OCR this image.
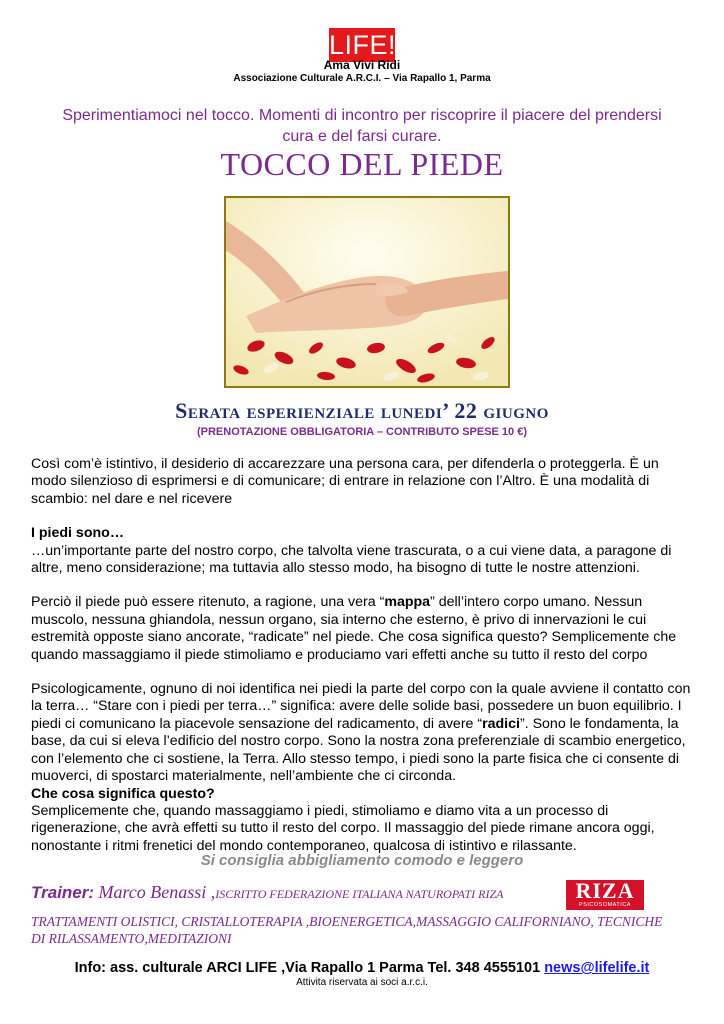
LIFE!
Ama Vivi Ridi
Associazione Culturale A.R.C.I. – Via Rapallo 1, Parma
Sperimentiamoci nel tocco. Momenti di incontro per riscoprire il piacere del prendersi cura e del farsi curare.
TOCCO DEL PIEDE
Serata esperienziale lunedi’ 22 giugno
(PRENOTAZIONE OBBLIGATORIA – CONTRIBUTO SPESE 10 €)

Così com’è istintivo, il desiderio di accarezzare una persona cara, per difenderla o proteggerla. È un modo silenzioso di esprimersi e di comunicare; di entrare in relazione con l’Altro. È una modalità di scambio: nel dare e nel ricevere

I piedi sono…

…un’importante parte del nostro corpo, che talvolta viene trascurata, o a cui viene data, a paragone di altre, meno considerazione; ma tuttavia allo stesso modo, ha bisogno di tutte le nostre attenzioni.

Perciò il piede può essere ritenuto, a ragione, una vera “mappa” dell’intero corpo umano. Nessun muscolo, nessuna ghiandola, nessun organo, sia interno che esterno, è privo di innervazioni le cui estremità opposte siano ancorate, “radicate” nel piede. Che cosa significa questo? Semplicemente che quando massaggiamo il piede stimoliamo e produciamo vari effetti anche su tutto il resto del corpo

Psicologicamente, ognuno di noi identifica nei piedi la parte del corpo con la quale avviene il contatto con la terra… “Stare con i piedi per terra…” significa: avere delle solide basi, possedere un buon equilibrio. I piedi ci comunicano la piacevole sensazione del radicamento, di avere “radici”. Sono le fondamenta, la base, da cui si eleva l’edificio del nostro corpo. Sono la nostra zona preferenziale di scambio energetico, con l’elemento che ci sostiene, la Terra. Allo stesso tempo, i piedi sono la parte fisica che ci consente di muoverci, di spostarci materialmente, nell’ambiente che ci circonda.

Che cosa significa questo?

Semplicemente che, quando massaggiamo i piedi, stimoliamo e diamo vita a un processo di rigenerazione, che avrà effetti su tutto il resto del corpo. Il massaggio del piede rimane ancora oggi, nonostante i ritmi frenetici del mondo contemporaneo, qualcosa di istintivo e rilassante.

Si consiglia abbigliamento comodo e leggero
Trainer: Marco Benassi ,ISCRITTO FEDERAZIONE ITALIANA NATUROPATI RIZA	RIZA
PSICOSOMATICA
TRATTAMENTI OLISTICI, CRISTALLOTERAPIA ,BIOENERGETICA,MASSAGGIO CALIFORNIANO, TECNICHE DI RILASSAMENTO,MEDITAZIONI
Info: ass. culturale ARCI LIFE ,Via Rapallo 1 Parma Tel. 348 4555101 news@lifelife.it
Attivita riservata ai soci a.r.c.i.
